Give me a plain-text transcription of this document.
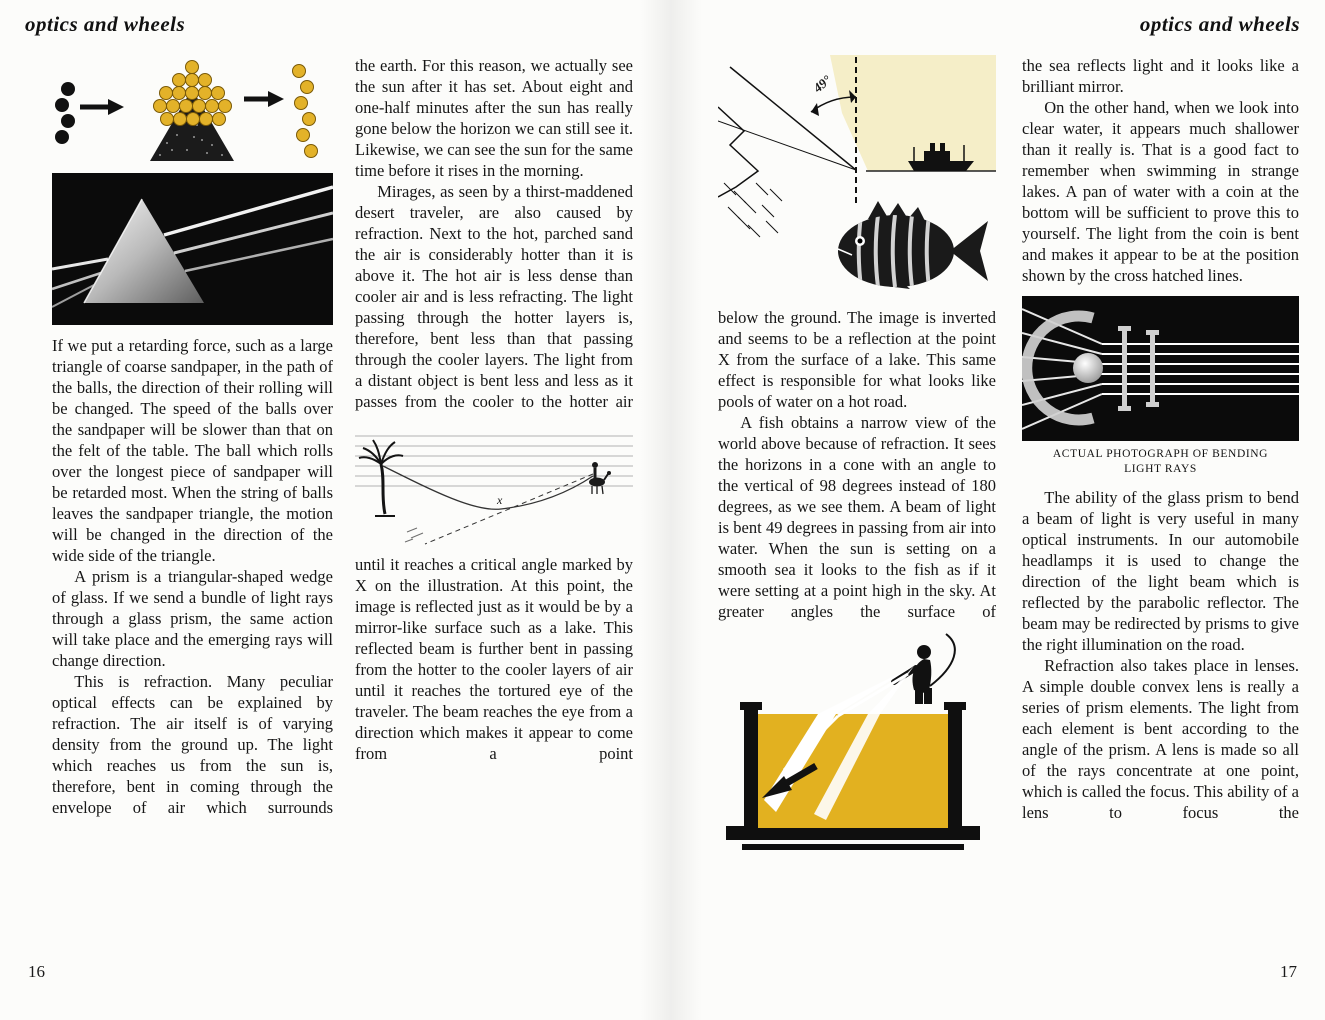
optics and wheels	optics and wheels

If we put a retarding force, such as a large triangle of coarse sandpaper, in the path of the balls, the direction of their rolling will be changed. The speed of the balls over the sandpaper will be slower than that on the felt of the table. The ball which rolls over the longest piece of sandpaper will be retarded most. When the string of balls leaves the sandpaper triangle, the motion will be changed in the direction of the wide side of the triangle.

A prism is a triangular-shaped wedge of glass. If we send a bundle of light rays through a glass prism, the same action will take place and the emerging rays will change direction.

This is refraction. Many peculiar optical effects can be explained by refraction. The air itself is of varying density from the ground up. The light which reaches us from the sun is, therefore, bent in coming through the envelope of air which surrounds

the earth. For this reason, we actually see the sun after it has set. About eight and one-half minutes after the sun has really gone below the horizon we can still see it. Likewise, we can see the sun for the same time before it rises in the morning.

Mirages, as seen by a thirst-maddened desert traveler, are also caused by refraction. Next to the hot, parched sand the air is considerably hotter than it is above it. The hot air is less dense than cooler air and is less refracting. The light passing through the hotter layers is, therefore, bent less than that passing through the cooler layers. The light from a distant object is bent less and less as it passes from the cooler to the hotter air

x

until it reaches a critical angle marked by X on the illustration. At this point, the image is reflected just as it would be by a mirror-like surface such as a lake. This reflected beam is further bent in passing from the hotter to the cooler layers of air until it reaches the tortured eye of the traveler. The beam reaches the eye from a direction which makes it appear to come from a point

49°

below the ground. The image is inverted and seems to be a reflection at the point X from the surface of a lake. This same effect is responsible for what looks like pools of water on a hot road.

A fish obtains a narrow view of the world above because of refraction. It sees the horizons in a cone with an angle to the vertical of 98 degrees instead of 180 degrees, as we see them. A beam of light is bent 49 degrees in passing from air into water. When the sun is setting on a smooth sea it looks to the fish as if it were setting at a point high in the sky. At greater angles the surface of

the sea reflects light and it looks like a brilliant mirror.

On the other hand, when we look into clear water, it appears much shallower than it really is. That is a good fact to remember when swimming in strange lakes. A pan of water with a coin at the bottom will be sufficient to prove this to yourself. The light from the coin is bent and makes it appear to be at the position shown by the cross hatched lines.

ACTUAL PHOTOGRAPH OF BENDING LIGHT RAYS

The ability of the glass prism to bend a beam of light is very useful in many optical instruments. In our automobile headlamps it is used to change the direction of the light beam which is reflected by the parabolic reflector. The beam may be redirected by prisms to give the right illumination on the road.

Refraction also takes place in lenses. A simple double convex lens is really a series of prism elements. The light from each element is bent according to the angle of the prism. A lens is made so all of the rays concentrate at one point, which is called the focus. This ability of a lens to focus the

16	17
